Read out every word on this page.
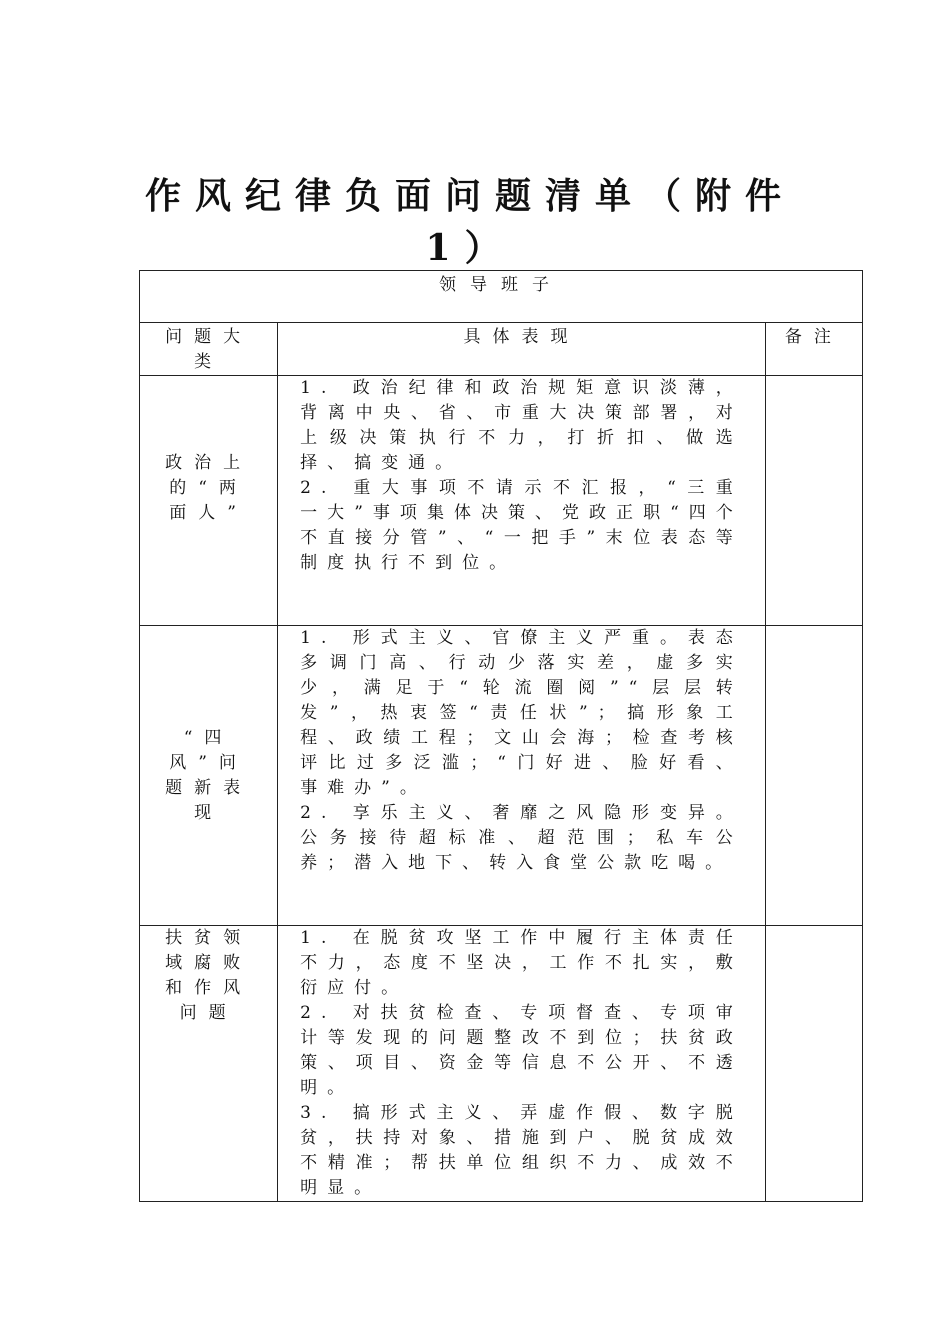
作风纪律负面问题清单（附件1）
领导班子		

问题大类	具体表现	备注

政治上的“两面人”	1. 政治纪律和政治规矩意识淡薄，背离中央、省、市重大决策部署，对上级决策执行不力，打折扣、做选择、搞变通。
2. 重大事项不请示不汇报，“三重一大”事项集体决策、党政正职“四个不直接分管”、“一把手”末位表态等制度执行不到位。	

“四风”问题新表现	1. 形式主义、官僚主义严重。表态多调门高、行动少落实差，虚多实少，满足于“轮流圈阅”“层层转发”，热衷签“责任状”；搞形象工程、政绩工程；文山会海；检查考核评比过多泛滥；“门好进、脸好看、事难办”。
2. 享乐主义、奢靡之风隐形变异。公务接待超标准、超范围；私车公养；潜入地下、转入食堂公款吃喝。	

扶贫领域腐败和作风问题	1. 在脱贫攻坚工作中履行主体责任不力，态度不坚决，工作不扎实，敷衍应付。
2. 对扶贫检查、专项督查、专项审计等发现的问题整改不到位；扶贫政策、项目、资金等信息不公开、不透明。
3. 搞形式主义、弄虚作假、数字脱贫，扶持对象、措施到户、脱贫成效不精准；帮扶单位组织不力、成效不明显。	
